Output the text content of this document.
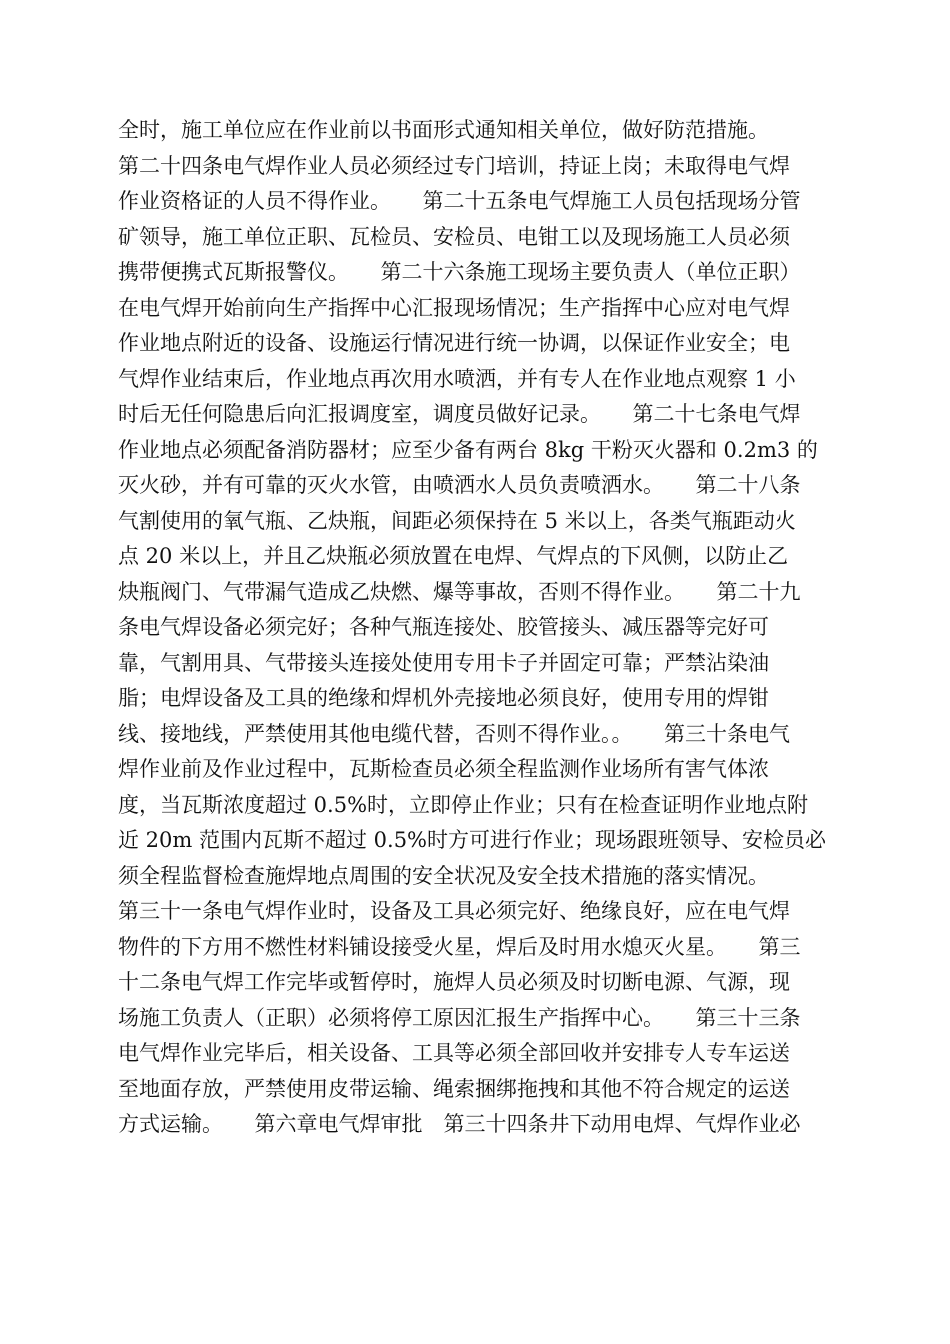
全时，施工单位应在作业前以书面形式通知相关单位，做好防范措施。
第二十四条电气焊作业人员必须经过专门培训，持证上岗；未取得电气焊
作业资格证的人员不得作业。　　第二十五条电气焊施工人员包括现场分管
矿领导，施工单位正职、瓦检员、安检员、电钳工以及现场施工人员必须
携带便携式瓦斯报警仪。　　第二十六条施工现场主要负责人（单位正职）
在电气焊开始前向生产指挥中心汇报现场情况；生产指挥中心应对电气焊
作业地点附近的设备、设施运行情况进行统一协调，以保证作业安全；电
气焊作业结束后，作业地点再次用水喷洒，并有专人在作业地点观察 1 小
时后无任何隐患后向汇报调度室，调度员做好记录。　　第二十七条电气焊
作业地点必须配备消防器材；应至少备有两台 8kg 干粉灭火器和 0.2m3 的
灭火砂，并有可靠的灭火水管，由喷洒水人员负责喷洒水。　　第二十八条
气割使用的氧气瓶、乙炔瓶，间距必须保持在 5 米以上，各类气瓶距动火
点 20 米以上，并且乙炔瓶必须放置在电焊、气焊点的下风侧，以防止乙
炔瓶阀门、气带漏气造成乙炔燃、爆等事故，否则不得作业。　　第二十九
条电气焊设备必须完好；各种气瓶连接处、胶管接头、减压器等完好可
靠，气割用具、气带接头连接处使用专用卡子并固定可靠；严禁沾染油
脂；电焊设备及工具的绝缘和焊机外壳接地必须良好，使用专用的焊钳
线、接地线，严禁使用其他电缆代替，否则不得作业。。　　第三十条电气
焊作业前及作业过程中，瓦斯检查员必须全程监测作业场所有害气体浓
度，当瓦斯浓度超过 0.5%时，立即停止作业；只有在检查证明作业地点附
近 20m 范围内瓦斯不超过 0.5%时方可进行作业；现场跟班领导、安检员必
须全程监督检查施焊地点周围的安全状况及安全技术措施的落实情况。
第三十一条电气焊作业时，设备及工具必须完好、绝缘良好，应在电气焊
物件的下方用不燃性材料铺设接受火星，焊后及时用水熄灭火星。　　第三
十二条电气焊工作完毕或暂停时，施焊人员必须及时切断电源、气源，现
场施工负责人（正职）必须将停工原因汇报生产指挥中心。　　第三十三条
电气焊作业完毕后，相关设备、工具等必须全部回收并安排专人专车运送
至地面存放，严禁使用皮带运输、绳索捆绑拖拽和其他不符合规定的运送
方式运输。　　第六章电气焊审批　第三十四条井下动用电焊、气焊作业必
